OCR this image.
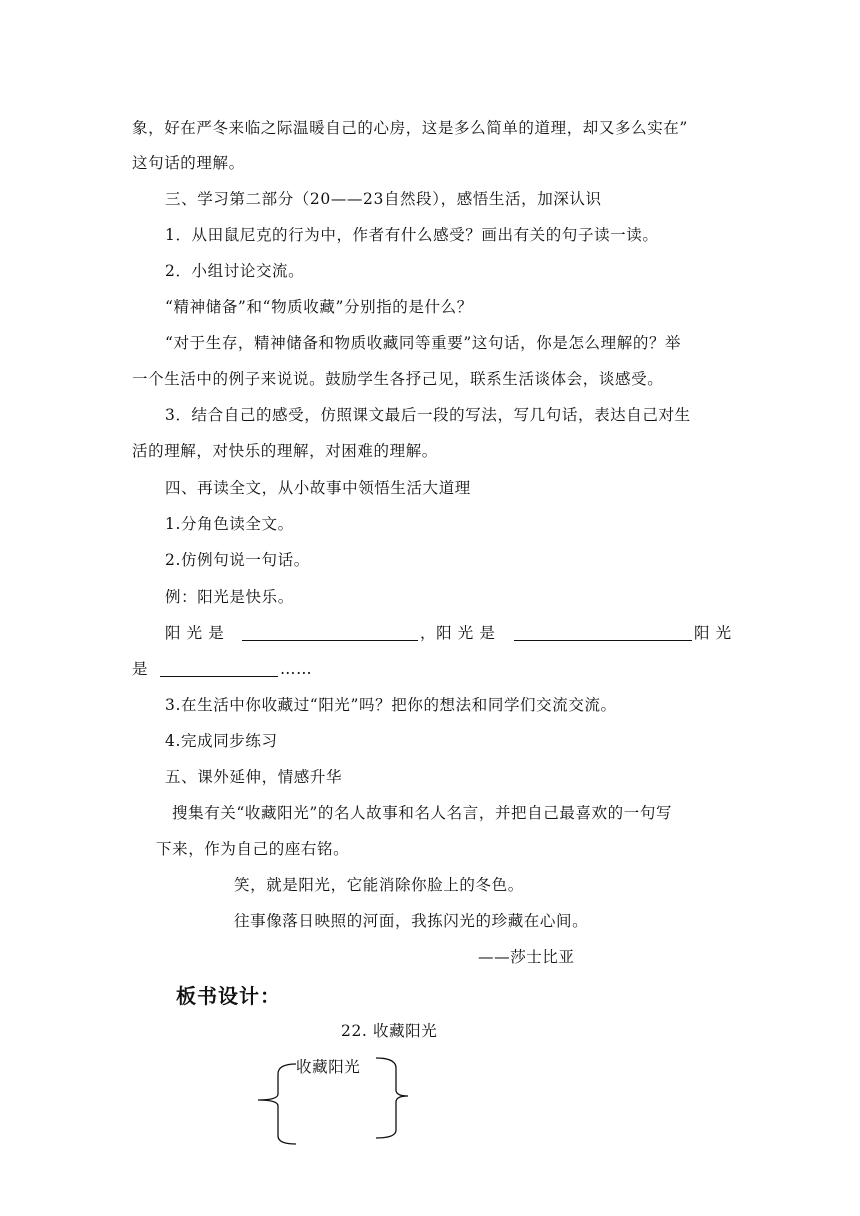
象，好在严冬来临之际温暖自己的心房，这是多么简单的道理，却又多么实在”
这句话的理解。
三、学习第二部分（20——23自然段），感悟生活，加深认识
1．从田鼠尼克的行为中，作者有什么感受？画出有关的句子读一读。
2．小组讨论交流。
“精神储备”和“物质收藏”分别指的是什么？
“对于生存，精神储备和物质收藏同等重要”这句话，你是怎么理解的？举
一个生活中的例子来说说。鼓励学生各抒己见，联系生活谈体会，谈感受。
3．结合自己的感受，仿照课文最后一段的写法，写几句话，表达自己对生
活的理解，对快乐的理解，对困难的理解。
四、再读全文，从小故事中领悟生活大道理
1.分角色读全文。
2.仿例句说一句话。
例：阳光是快乐。
阳 光 是	，阳 光 是	阳 光
是	……
3.在生活中你收藏过“阳光”吗？把你的想法和同学们交流交流。
4.完成同步练习
五、课外延伸，情感升华
搜集有关“收藏阳光”的名人故事和名人名言，并把自己最喜欢的一句写
下来，作为自己的座右铭。
笑，就是阳光，它能消除你脸上的冬色。
往事像落日映照的河面，我拣闪光的珍藏在心间。
——莎士比亚
板书设计：
22. 收藏阳光
收藏阳光
